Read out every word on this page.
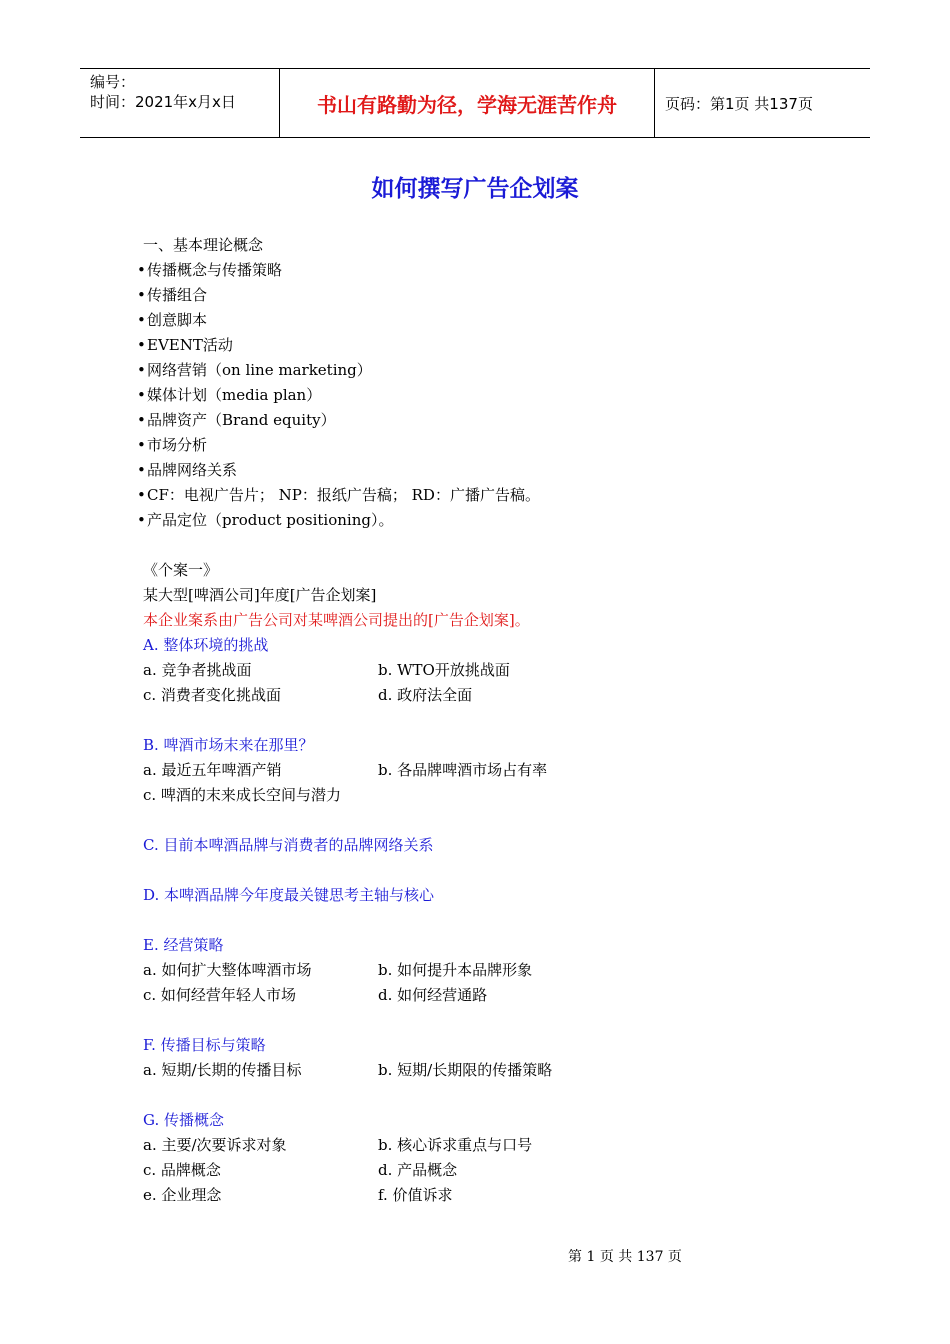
编号：
时间：2021年x月x日	书山有路勤为径，学海无涯苦作舟	页码：第1页 共137页
如何撰写广告企划案
一、基本理论概念
• 传播概念与传播策略
• 传播组合
• 创意脚本
• EVENT活动
• 网络营销（on line marketing）
• 媒体计划（media plan）
• 品牌资产（Brand equity）
• 市场分析
• 品牌网络关系
• CF：电视广告片； NP：报纸广告稿； RD：广播广告稿。
• 产品定位（product positioning）。
《个案一》
某大型[啤酒公司]年度[广告企划案]
本企业案系由广告公司对某啤酒公司提出的[广告企划案]。
A. 整体环境的挑战
a. 竞争者挑战面	b. WTO开放挑战面
c. 消费者变化挑战面	d. 政府法全面
B. 啤酒市场末来在那里？
a. 最近五年啤酒产销	b. 各品牌啤酒市场占有率
c. 啤酒的末来成长空间与潜力
C. 目前本啤酒品牌与消费者的品牌网络关系
D. 本啤酒品牌今年度最关键思考主轴与核心
E. 经营策略
a. 如何扩大整体啤酒市场	b. 如何提升本品牌形象
c. 如何经营年轻人市场	d. 如何经营通路
F. 传播目标与策略
a. 短期/长期的传播目标	b. 短期/长期限的传播策略
G. 传播概念
a. 主要/次要诉求对象	b. 核心诉求重点与口号
c. 品牌概念	d. 产品概念
e. 企业理念	f. 价值诉求
第 1 页 共 137 页
